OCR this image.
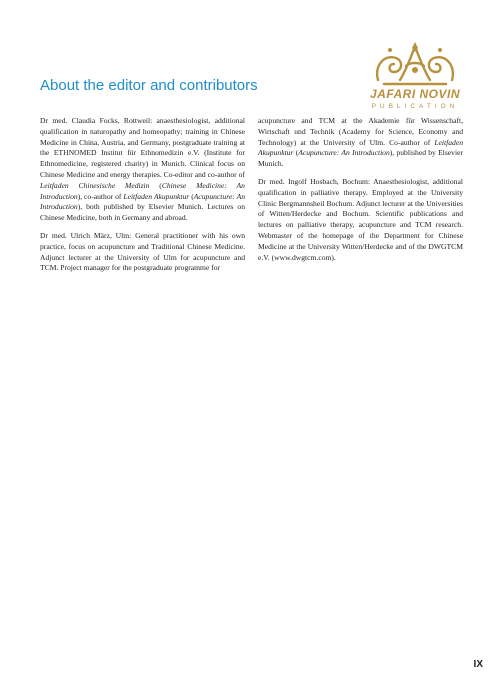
About the editor and contributors	JAFARI NOVIN
PUBLICATION

Dr med. Claudia Focks, Rottweil: anaesthesiologist, additional qualification in naturopathy and homeopathy; training in Chinese Medicine in China, Austria, and Germany, postgraduate training at the ETHNOMED Institut für Ethnomedizin e.V. (Institute for Ethnomedicine, registered charity) in Munich. Clinical focus on Chinese Medicine and energy therapies. Co-editor and co-author of Leitfaden Chinesische Medizin (Chinese Medicine: An Introduction), co-author of Leitfaden Akupunktur (Acupuncture: An Introduction), both published by Elsevier Munich. Lectures on Chinese Medicine, both in Germany and abroad.

Dr med. Ulrich März, Ulm: General practitioner with his own practice, focus on acupuncture and Traditional Chinese Medicine. Adjunct lecturer at the University of Ulm for acupuncture and TCM. Project manager for the postgraduate programme for

acupuncture and TCM at the Akademie für Wissenschaft, Wirtschaft und Technik (Academy for Science, Economy and Technology) at the University of Ulm. Co-author of Leitfaden Akupunktur (Acupuncture: An Introduction), published by Elsevier Munich.

Dr med. Ingolf Hosbach, Bochum: Anaesthesiologist, additional qualification in palliative therapy. Employed at the University Clinic Bergmannsheil Bochum. Adjunct lecturer at the Universities of Witten/Herdecke and Bochum. Scientific publications and lectures on palliative therapy, acupuncture and TCM research. Webmaster of the homepage of the Department for Chinese Medicine at the University Witten/Herdecke and of the DWGTCM e.V. (www.dwgtcm.com).

IX
